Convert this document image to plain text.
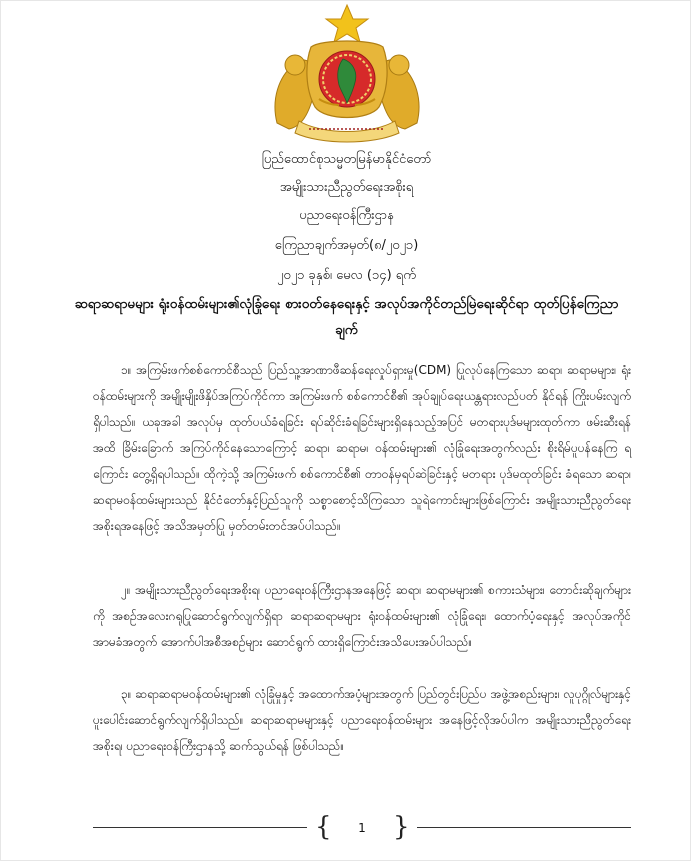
ပြည်ထောင်စုသမ္မတမြန်မာနိုင်ငံတော်
အမျိုးသားညီညွတ်ရေးအစိုးရ
ပညာရေးဝန်ကြီးဌာန
ကြေညာချက်အမှတ်(၈/၂၀၂၁)
၂၀၂၁ ခုနှစ်၊ မေလ (၁၄) ရက်
ဆရာဆရာမများ ရုံးဝန်ထမ်းများ၏လုံခြုံရေး စားဝတ်နေရေးနှင့် အလုပ်အကိုင်တည်မြဲရေးဆိုင်ရာ ထုတ်ပြန်ကြေညာချက်
၁။ အကြမ်းဖက်စစ်ကောင်စီသည် ပြည်သူ့အာဏာဖီဆန်ရေးလှုပ်ရှားမှု(CDM) ပြုလုပ်နေကြသော ဆရာ၊ ဆရာမများ၊ ရုံးဝန်ထမ်းများကို အမျိုးမျိုးဖိနှိပ်အကြပ်ကိုင်ကာ အကြမ်းဖက် စစ်ကောင်စီ၏ အုပ်ချုပ်ရေးယန္တရားလည်ပတ် နိုင်ရန် ကြိုးပမ်းလျက်ရှိပါသည်။ ယခုအခါ အလုပ်မှ ထုတ်ပယ်ခံရခြင်း ရပ်ဆိုင်းခံရခြင်းများရှိနေသည့်အပြင် မတရားပုဒ်မများထုတ်ကာ ဖမ်းဆီးရန်အထိ ခြိမ်းခြောက် အကြပ်ကိုင်နေသောကြောင့် ဆရာ၊ ဆရာမ၊ ဝန်ထမ်းများ၏ လုံခြုံရေးအတွက်လည်း စိုးရိမ်ပူပန်နေကြ ရကြောင်း တွေ့ရှိရပါသည်။ ထိုကဲ့သို့ အကြမ်းဖက် စစ်ကောင်စီ၏ တာဝန်မှရပ်ဆဲခြင်းနှင့် မတရား ပုဒ်မထုတ်ခြင်း ခံရသော ဆရာ၊ ဆရာမဝန်ထမ်းများသည် နိုင်ငံတော်နှင့်ပြည်သူကို သစ္စာစောင့်သိကြသော သူရဲကောင်းများဖြစ်ကြောင်း အမျိုးသားညီညွတ်ရေး အစိုးရအနေဖြင့် အသိအမှတ်ပြု မှတ်တမ်းတင်အပ်ပါသည်။
၂။ အမျိုးသားညီညွတ်ရေးအစိုးရ၊ ပညာရေးဝန်ကြီးဌာနအနေဖြင့် ဆရာ၊ ဆရာမများ၏ စကားသံများ၊ တောင်းဆိုချက်များကို အစဉ်အလေးဂရုပြုဆောင်ရွက်လျက်ရှိရာ ဆရာဆရာမများ ရုံးဝန်ထမ်းများ၏ လုံခြုံရေး၊ ထောက်ပံ့ရေးနှင့် အလုပ်အကိုင်အာမခံအတွက် အောက်ပါအစီအစဉ်များ ဆောင်ရွက် ထားရှိကြောင်းအသိပေးအပ်ပါသည်။
၃။ ဆရာဆရာမဝန်ထမ်းများ၏ လုံခြုံမှုနှင့် အထောက်အပံ့များအတွက် ပြည်တွင်းပြည်ပ အဖွဲ့အစည်းများ၊ လူပုဂ္ဂိုလ်များနှင့် ပူးပေါင်းဆောင်ရွက်လျက်ရှိပါသည်။ ဆရာဆရာမများနှင့် ပညာရေးဝန်ထမ်းများ အနေဖြင့်လိုအပ်ပါက အမျိုးသားညီညွတ်ရေးအစိုးရ၊ ပညာရေးဝန်ကြီးဌာနသို့ ဆက်သွယ်ရန် ဖြစ်ပါသည်။
{	1	}
